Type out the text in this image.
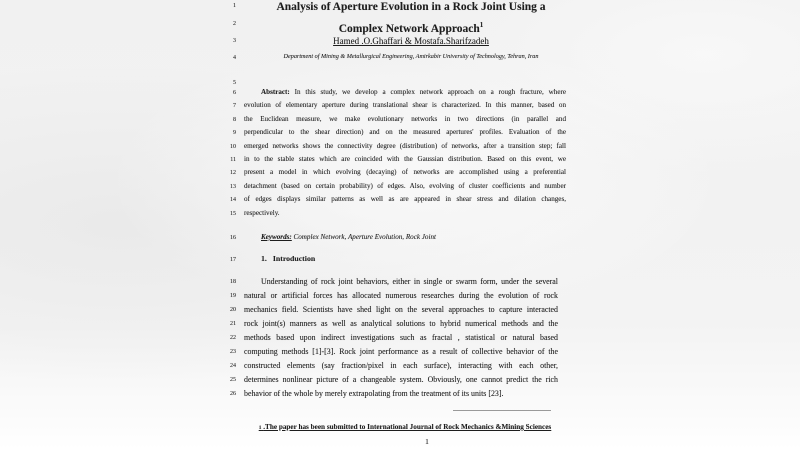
1	Analysis of Aperture Evolution in a Rock Joint Using a
2	Complex Network Approach$^1$
3	Hamed .O.Ghaffari & Mostafa.Sharifzadeh
4	Department of Mining & Metallurgical Engineering, Amirkabir University of Technology, Tehran, Iran
5
6	Abstract: In this study, we develop a complex network approach on a rough fracture, where
7 evolution of elementary aperture during translational shear is characterized. In this manner, based on
8 the Euclidean measure, we make evolutionary networks in two directions (in parallel and
9 perpendicular to the shear direction) and on the measured apertures' profiles. Evaluation of the
10 emerged networks shows the connectivity degree (distribution) of networks, after a transition step; fall
11 in to the stable states which are coincided with the Gaussian distribution. Based on this event, we
12 present a model in which evolving (decaying) of networks are accomplished using a preferential
13 detachment (based on certain probability) of edges. Also, evolving of cluster coefficients and number
14 of edges displays similar patterns as well as are appeared in shear stress and dilation changes,
15 respectively.
16	Keywords: Complex Network, Aperture Evolution, Rock Joint
17	1. Introduction
18	Understanding of rock joint behaviors, either in single or swarm form, under the several
19 natural or artificial forces has allocated numerous researches during the evolution of rock
20 mechanics field. Scientists have shed light on the several approaches to capture interacted
21 rock joint(s) manners as well as analytical solutions to hybrid numerical methods and the
22 methods based upon indirect investigations such as fractal , statistical or natural based
23 computing methods [1]-[3]. Rock joint performance as a result of collective behavior of the
24 constructed elements (say fraction/pixel in each surface), interacting with each other,
25 determines nonlinear picture of a changeable system. Obviously, one cannot predict the rich
26 behavior of the whole by merely extrapolating from the treatment of its units [23].
1 .The paper has been submitted to International Journal of Rock Mechanics &Mining Sciences
1
